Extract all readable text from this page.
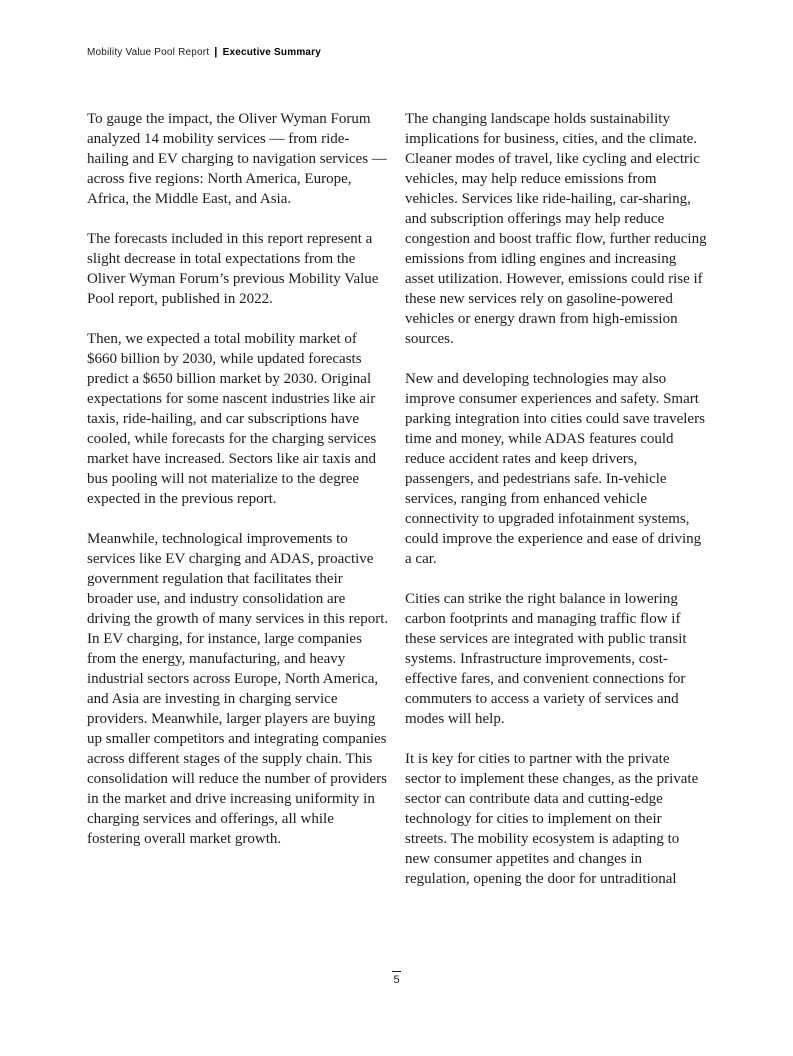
Mobility Value Pool Report | Executive Summary

To gauge the impact, the Oliver Wyman Forum analyzed 14 mobility services — from ride-hailing and EV charging to navigation services — across five regions: North America, Europe, Africa, the Middle East, and Asia.

The forecasts included in this report represent a slight decrease in total expectations from the Oliver Wyman Forum’s previous Mobility Value Pool report, published in 2022.

Then, we expected a total mobility market of $660 billion by 2030, while updated forecasts predict a $650 billion market by 2030. Original expectations for some nascent industries like air taxis, ride-hailing, and car subscriptions have cooled, while forecasts for the charging services market have increased. Sectors like air taxis and bus pooling will not materialize to the degree expected in the previous report.

Meanwhile, technological improvements to services like EV charging and ADAS, proactive government regulation that facilitates their broader use, and industry consolidation are driving the growth of many services in this report. In EV charging, for instance, large companies from the energy, manufacturing, and heavy industrial sectors across Europe, North America, and Asia are investing in charging service providers. Meanwhile, larger players are buying up smaller competitors and integrating companies across different stages of the supply chain. This consolidation will reduce the number of providers in the market and drive increasing uniformity in charging services and offerings, all while fostering overall market growth.

The changing landscape holds sustainability implications for business, cities, and the climate. Cleaner modes of travel, like cycling and electric vehicles, may help reduce emissions from vehicles. Services like ride-hailing, car-sharing, and subscription offerings may help reduce congestion and boost traffic flow, further reducing emissions from idling engines and increasing asset utilization. However, emissions could rise if these new services rely on gasoline-powered vehicles or energy drawn from high-emission sources.

New and developing technologies may also improve consumer experiences and safety. Smart parking integration into cities could save travelers time and money, while ADAS features could reduce accident rates and keep drivers, passengers, and pedestrians safe. In-vehicle services, ranging from enhanced vehicle connectivity to upgraded infotainment systems, could improve the experience and ease of driving a car.

Cities can strike the right balance in lowering carbon footprints and managing traffic flow if these services are integrated with public transit systems. Infrastructure improvements, cost-effective fares, and convenient connections for commuters to access a variety of services and modes will help.

It is key for cities to partner with the private sector to implement these changes, as the private sector can contribute data and cutting-edge technology for cities to implement on their streets. The mobility ecosystem is adapting to new consumer appetites and changes in regulation, opening the door for untraditional

5
